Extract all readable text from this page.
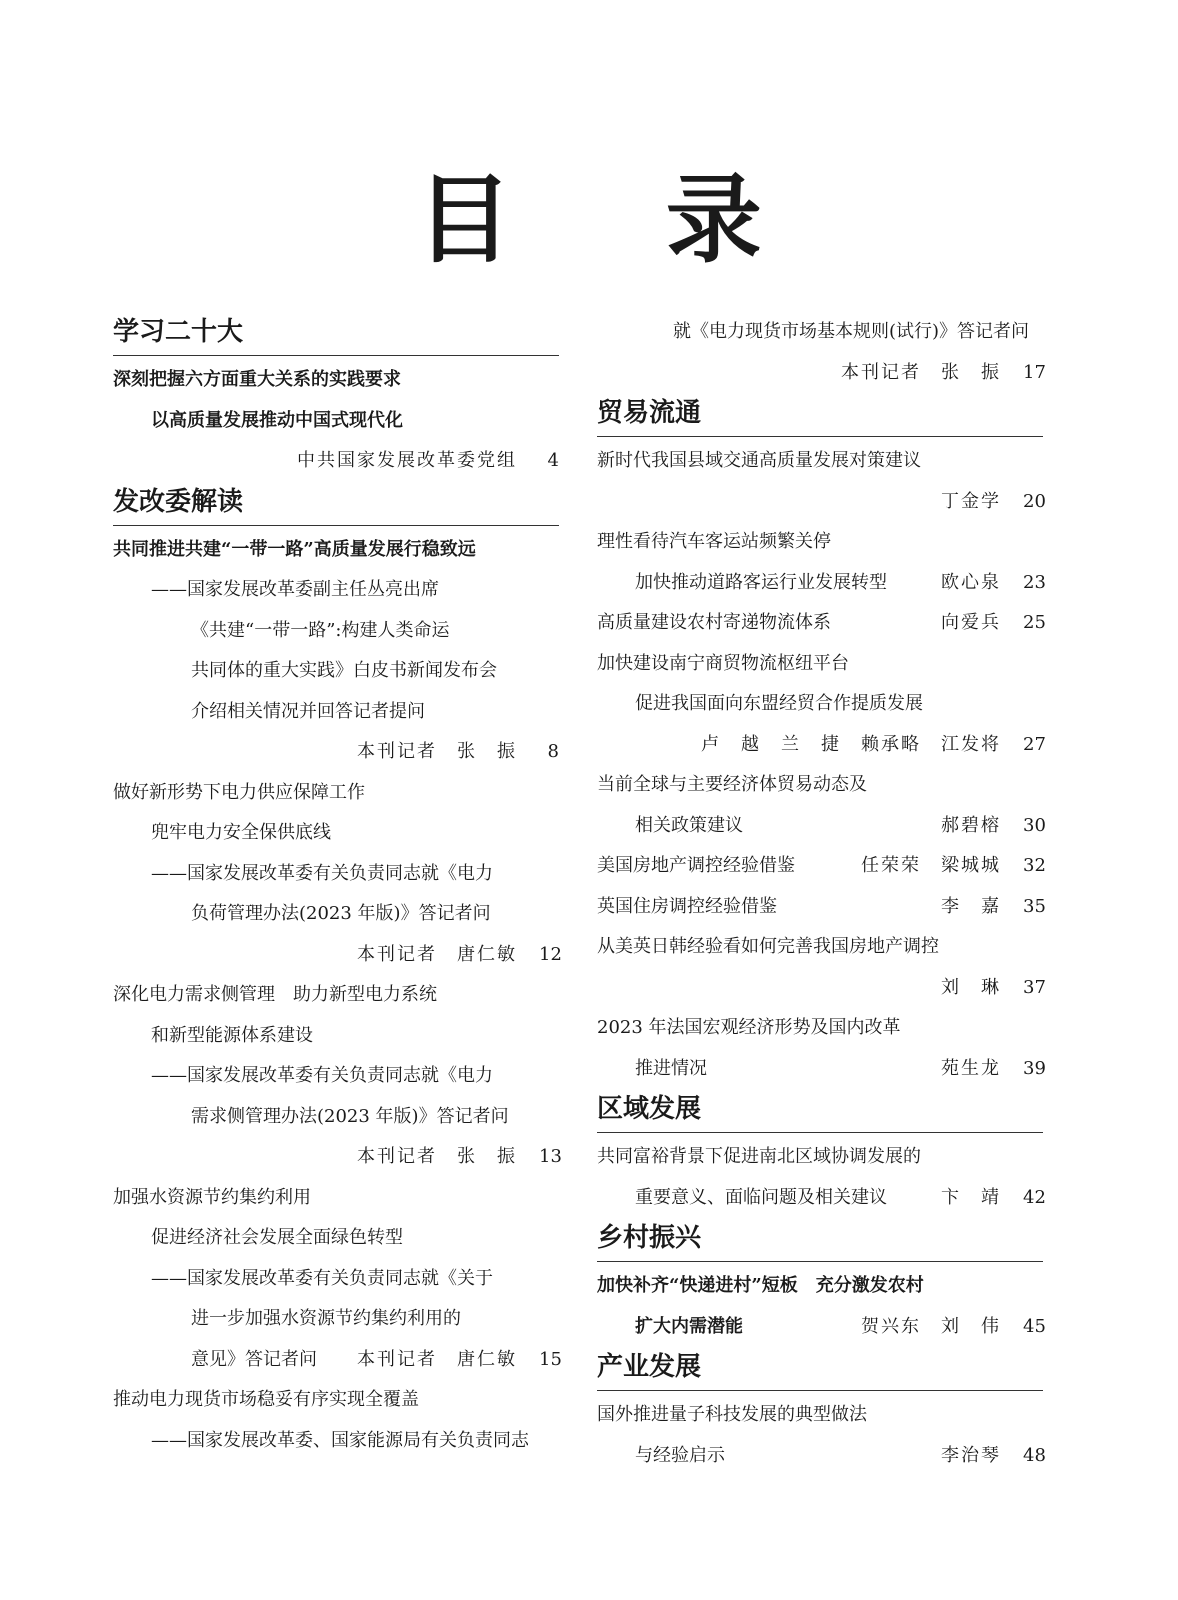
目 录
学习二十大
深刻把握六方面重大关系的实践要求
以高质量发展推动中国式现代化
中共国家发展改革委党组	4
发改委解读
共同推进共建“一带一路”高质量发展行稳致远
——国家发展改革委副主任丛亮出席
《共建“一带一路”:构建人类命运
共同体的重大实践》白皮书新闻发布会
介绍相关情况并回答记者提问
本刊记者　张　振	8
做好新形势下电力供应保障工作
兜牢电力安全保供底线
——国家发展改革委有关负责同志就《电力
负荷管理办法(2023 年版)》答记者问
本刊记者　唐仁敏 12
深化电力需求侧管理　助力新型电力系统
和新型能源体系建设
——国家发展改革委有关负责同志就《电力
需求侧管理办法(2023 年版)》答记者问
本刊记者　张　振 13
加强水资源节约集约利用
促进经济社会发展全面绿色转型
——国家发展改革委有关负责同志就《关于
进一步加强水资源节约集约利用的
意见》答记者问	本刊记者　唐仁敏 15
推动电力现货市场稳妥有序实现全覆盖
——国家发展改革委、国家能源局有关负责同志
就《电力现货市场基本规则(试行)》答记者问
本刊记者　张　振 17
贸易流通
新时代我国县域交通高质量发展对策建议
丁金学 20
理性看待汽车客运站频繁关停
加快推动道路客运行业发展转型	欧心泉 23
高质量建设农村寄递物流体系	向爱兵 25
加快建设南宁商贸物流枢纽平台
促进我国面向东盟经贸合作提质发展
卢　越　兰　捷　赖承略　江发将 27
当前全球与主要经济体贸易动态及
相关政策建议	郝碧榕 30
美国房地产调控经验借鉴	任荣荣　梁城城 32
英国住房调控经验借鉴	李　嘉 35
从美英日韩经验看如何完善我国房地产调控
刘　琳 37
2023 年法国宏观经济形势及国内改革
推进情况	苑生龙 39
区域发展
共同富裕背景下促进南北区域协调发展的
重要意义、面临问题及相关建议	卞　靖 42
乡村振兴
加快补齐“快递进村”短板　充分激发农村
扩大内需潜能	贺兴东　刘　伟 45
产业发展
国外推进量子科技发展的典型做法
与经验启示	李治琴 48
